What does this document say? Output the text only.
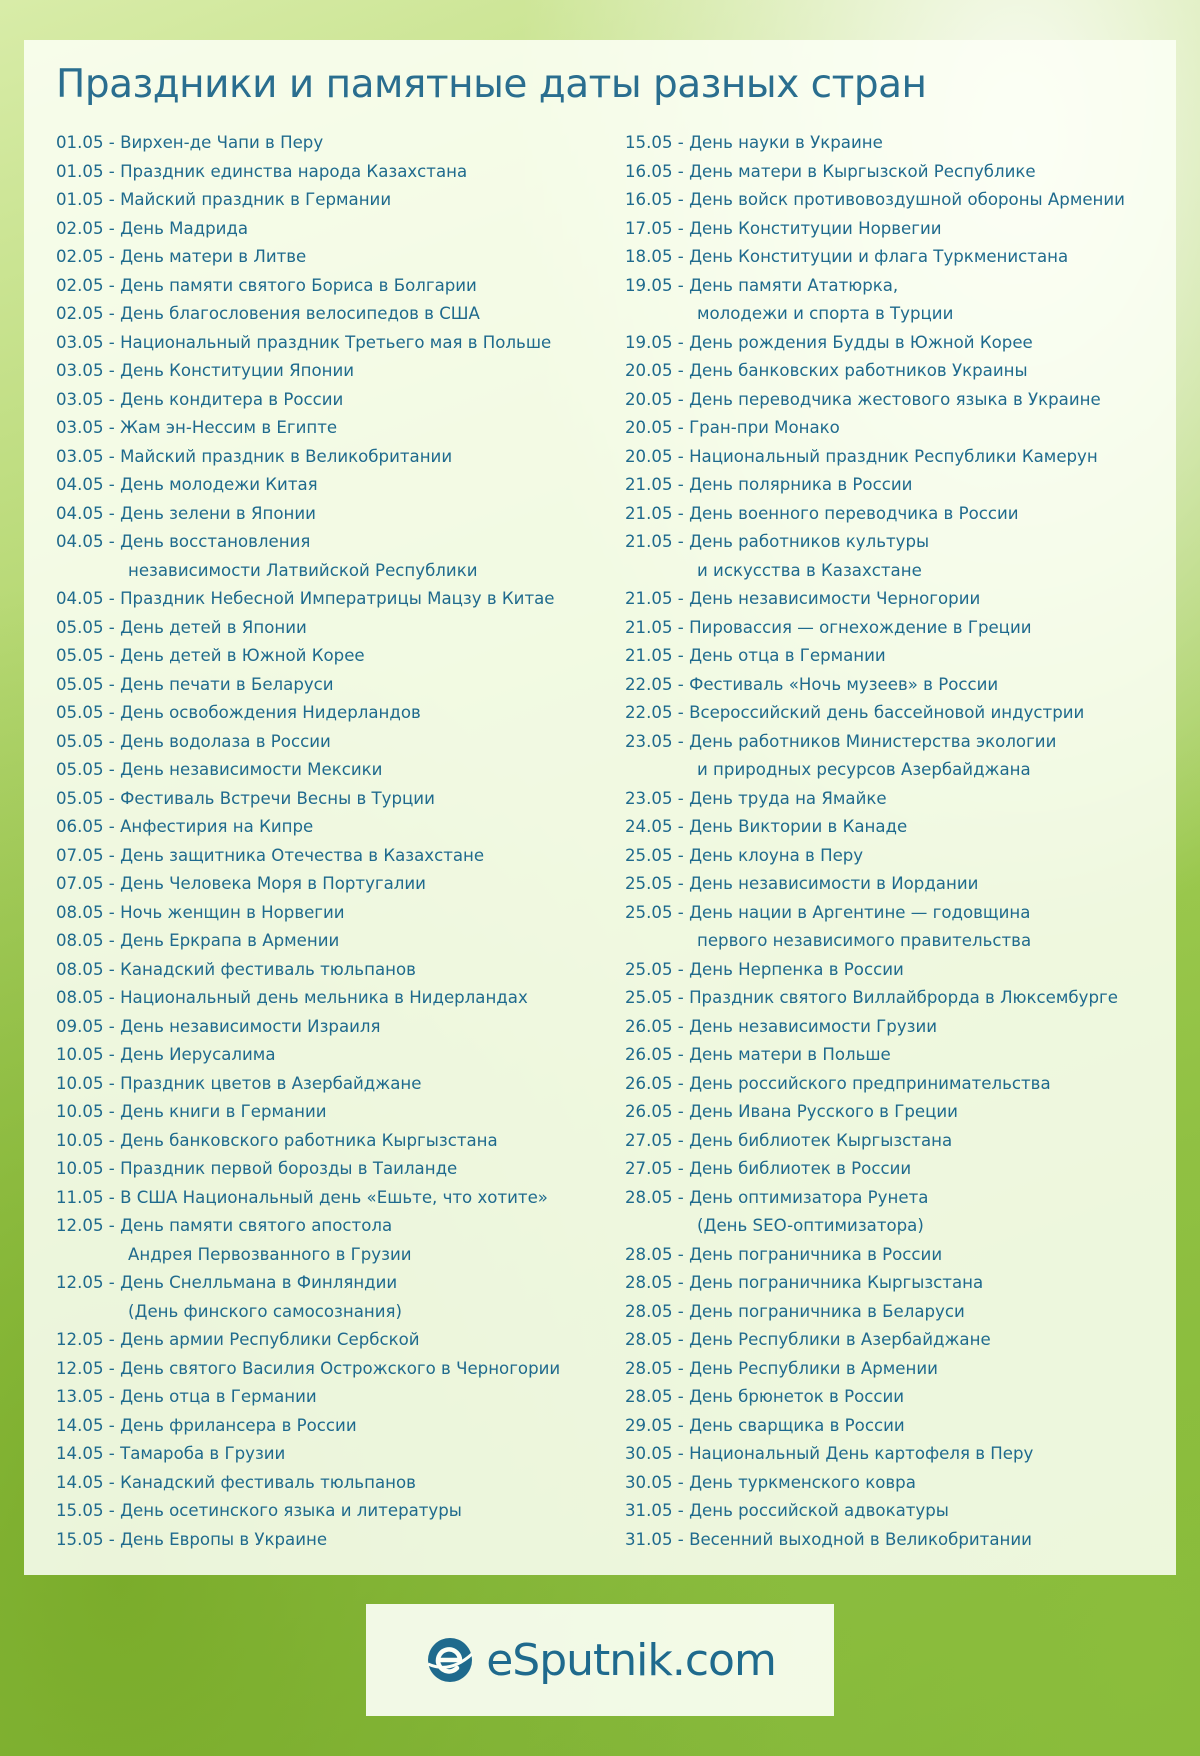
Праздники и памятные даты разных стран
01.05 - Вирхен-де Чапи в Перу
01.05 - Праздник единства народа Казахстана
01.05 - Майский праздник в Германии
02.05 - День Мадрида
02.05 - День матери в Литве
02.05 - День памяти святого Бориса в Болгарии
02.05 - День благословения велосипедов в США
03.05 - Национальный праздник Третьего мая в Польше
03.05 - День Конституции Японии
03.05 - День кондитера в России
03.05 - Жам эн-Нессим в Египте
03.05 - Майский праздник в Великобритании
04.05 - День молодежи Китая
04.05 - День зелени в Японии
04.05 - День восстановления
независимости Латвийской Республики
04.05 - Праздник Небесной Императрицы Мацзу в Китае
05.05 - День детей в Японии
05.05 - День детей в Южной Корее
05.05 - День печати в Беларуси
05.05 - День освобождения Нидерландов
05.05 - День водолаза в России
05.05 - День независимости Мексики
05.05 - Фестиваль Встречи Весны в Турции
06.05 - Анфестирия на Кипре
07.05 - День защитника Отечества в Казахстане
07.05 - День Человека Моря в Португалии
08.05 - Ночь женщин в Норвегии
08.05 - День Еркрапа в Армении
08.05 - Канадский фестиваль тюльпанов
08.05 - Национальный день мельника в Нидерландах
09.05 - День независимости Израиля
10.05 - День Иерусалима
10.05 - Праздник цветов в Азербайджане
10.05 - День книги в Германии
10.05 - День банковского работника Кыргызстана
10.05 - Праздник первой борозды в Таиланде
11.05 - В США Национальный день «Ешьте, что хотите»
12.05 - День памяти святого апостола
Андрея Первозванного в Грузии
12.05 - День Снелльмана в Финляндии
(День финского самосознания)
12.05 - День армии Республики Сербской
12.05 - День святого Василия Острожского в Черногории
13.05 - День отца в Германии
14.05 - День фрилансера в России
14.05 - Тамароба в Грузии
14.05 - Канадский фестиваль тюльпанов
15.05 - День осетинского языка и литературы
15.05 - День Европы в Украине
15.05 - День науки в Украине
16.05 - День матери в Кыргызской Республике
16.05 - День войск противовоздушной обороны Армении
17.05 - День Конституции Норвегии
18.05 - День Конституции и флага Туркменистана
19.05 - День памяти Ататюрка,
молодежи и спорта в Турции
19.05 - День рождения Будды в Южной Корее
20.05 - День банковских работников Украины
20.05 - День переводчика жестового языка в Украине
20.05 - Гран-при Монако
20.05 - Национальный праздник Республики Камерун
21.05 - День полярника в России
21.05 - День военного переводчика в России
21.05 - День работников культуры
и искусства в Казахстане
21.05 - День независимости Черногории
21.05 - Пировассия — огнехождение в Греции
21.05 - День отца в Германии
22.05 - Фестиваль «Ночь музеев» в России
22.05 - Всероссийский день бассейновой индустрии
23.05 - День работников Министерства экологии
и природных ресурсов Азербайджана
23.05 - День труда на Ямайке
24.05 - День Виктории в Канаде
25.05 - День клоуна в Перу
25.05 - День независимости в Иордании
25.05 - День нации в Аргентине — годовщина
первого независимого правительства
25.05 - День Нерпенка в России
25.05 - Праздник святого Виллайброрда в Люксембурге
26.05 - День независимости Грузии
26.05 - День матери в Польше
26.05 - День российского предпринимательства
26.05 - День Ивана Русского в Греции
27.05 - День библиотек Кыргызстана
27.05 - День библиотек в России
28.05 - День оптимизатора Рунета
(День SEO-оптимизатора)
28.05 - День пограничника в России
28.05 - День пограничника Кыргызстана
28.05 - День пограничника в Беларуси
28.05 - День Республики в Азербайджане
28.05 - День Республики в Армении
28.05 - День брюнеток в России
29.05 - День сварщика в России
30.05 - Национальный День картофеля в Перу
30.05 - День туркменского ковра
31.05 - День российской адвокатуры
31.05 - Весенний выходной в Великобритании
eSputnik.com
